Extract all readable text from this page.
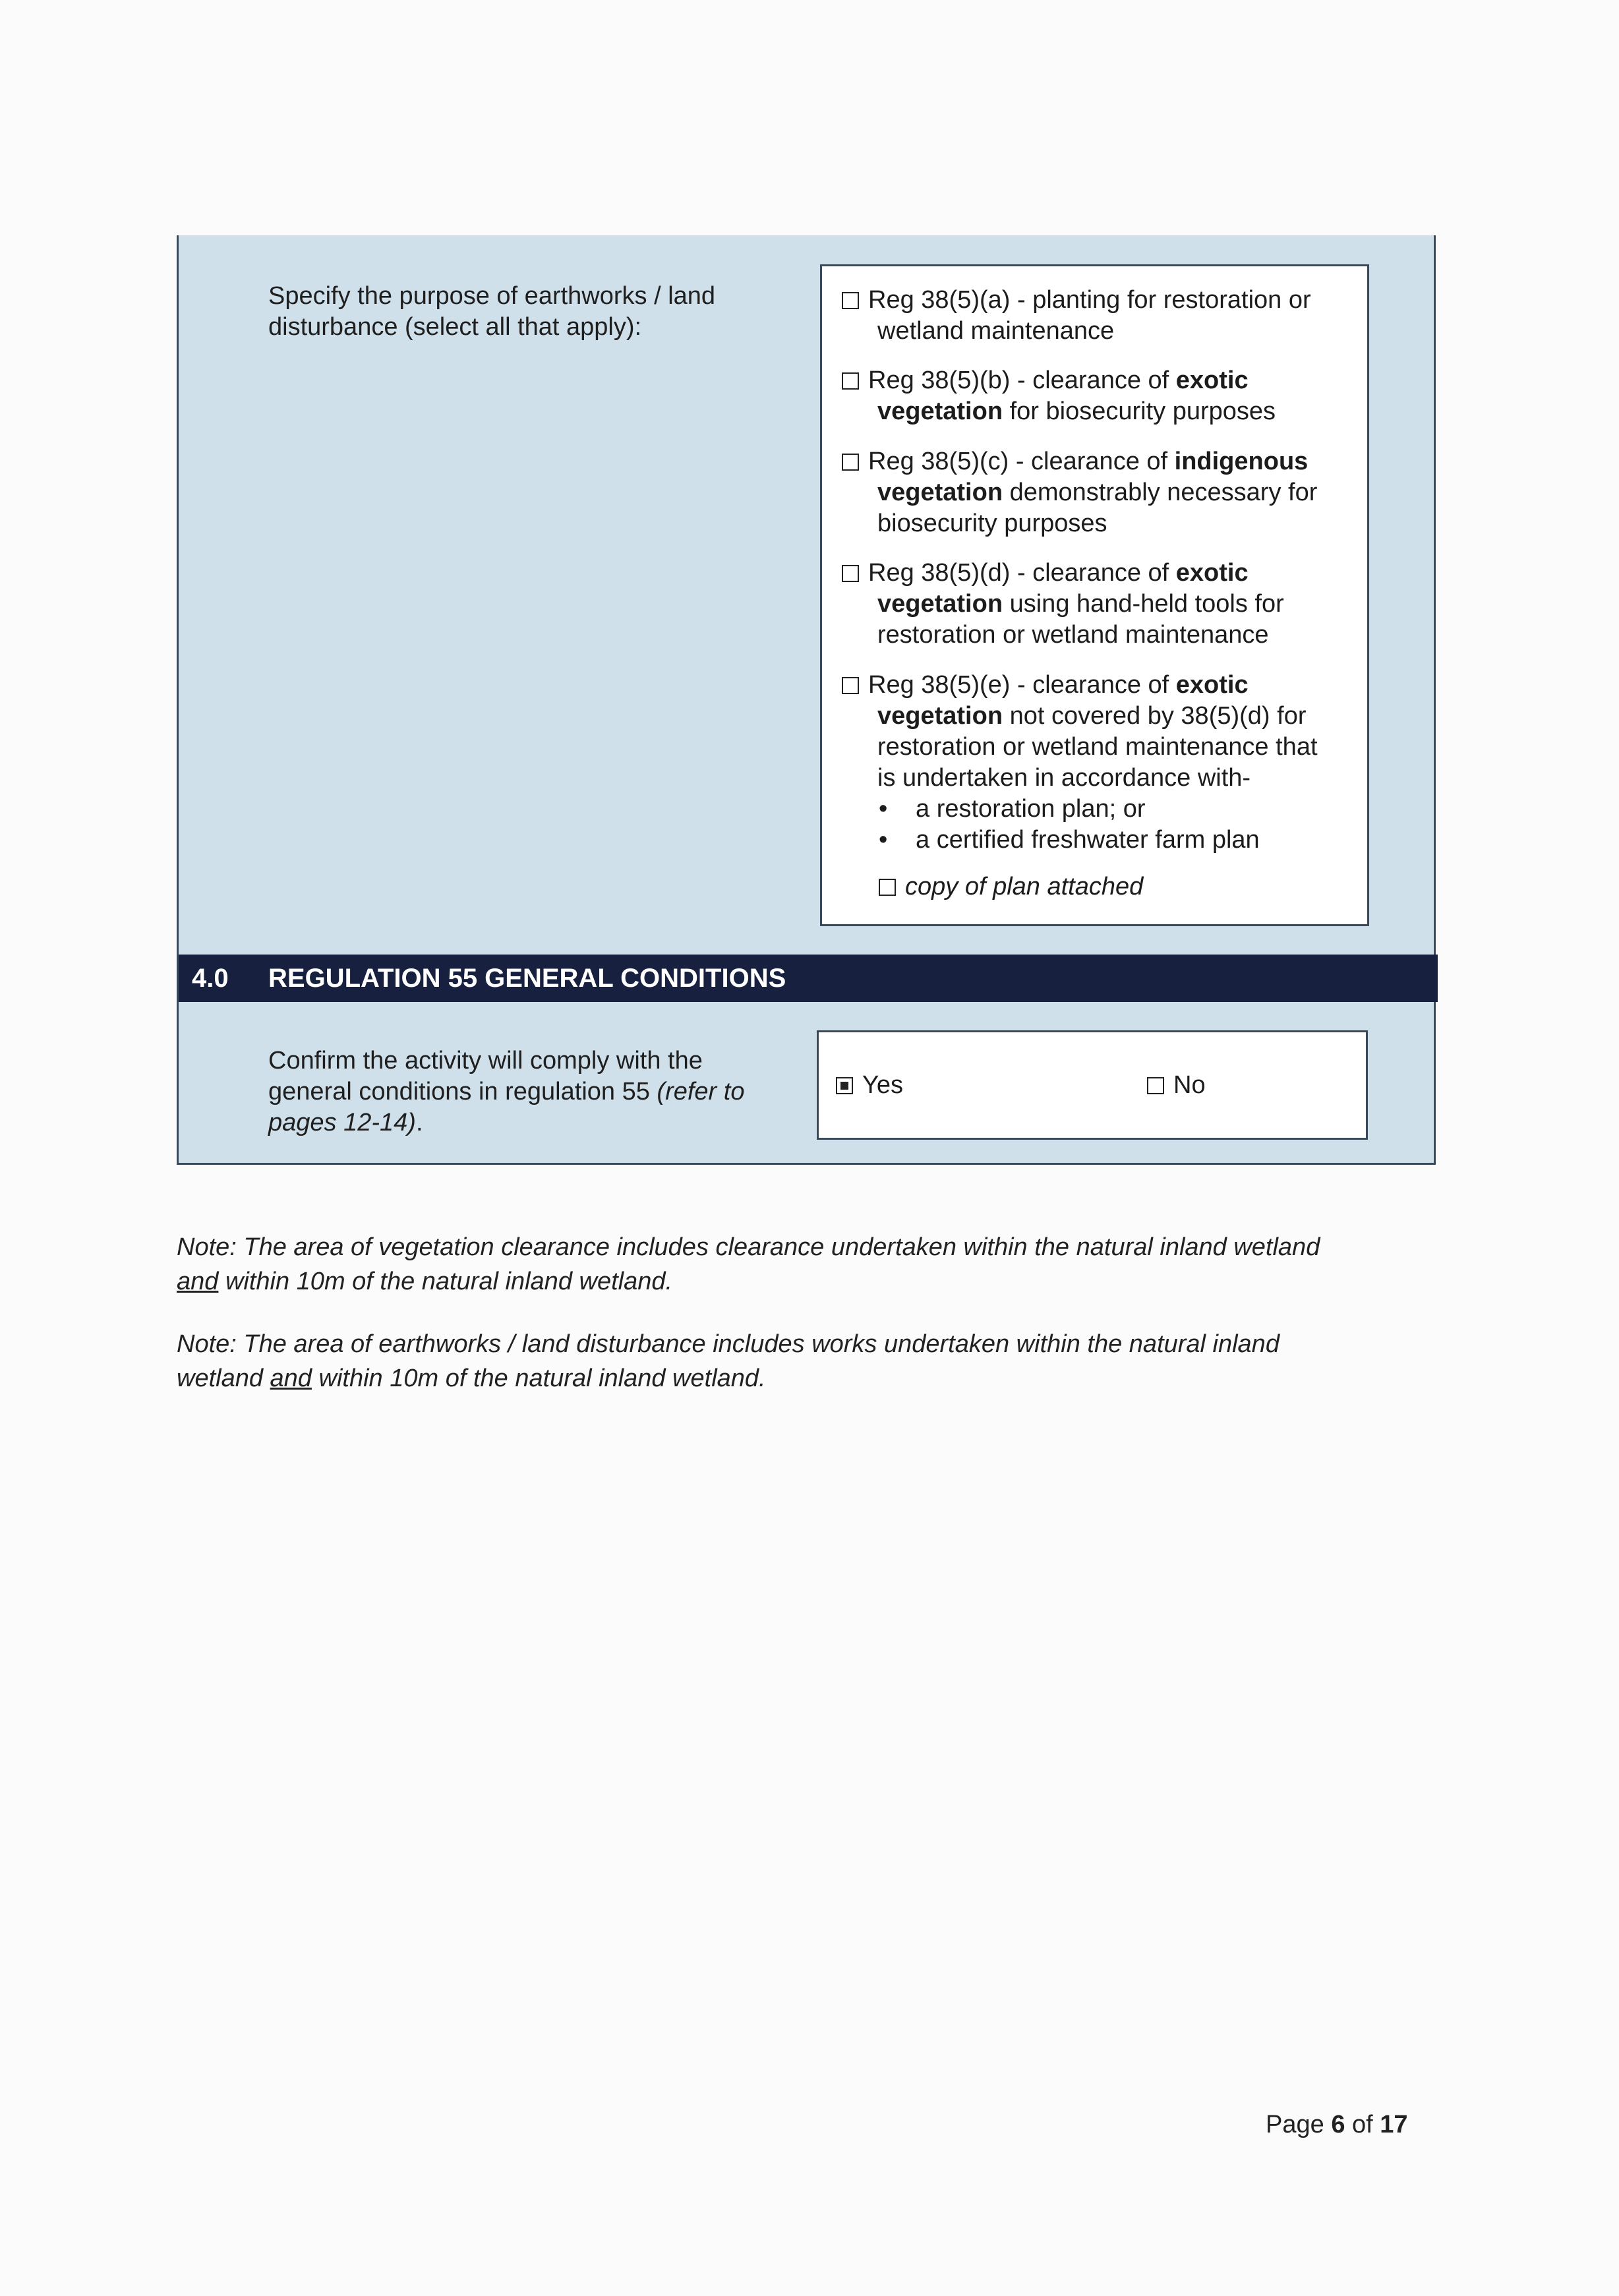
Specify the purpose of earthworks / land
disturbance (select all that apply):
Reg 38(5)(a) - planting for restoration or
wetland maintenance
Reg 38(5)(b) - clearance of exotic
vegetation for biosecurity purposes
Reg 38(5)(c) - clearance of indigenous
vegetation demonstrably necessary for
biosecurity purposes
Reg 38(5)(d) - clearance of exotic
vegetation using hand-held tools for
restoration or wetland maintenance
Reg 38(5)(e) - clearance of exotic
vegetation not covered by 38(5)(d) for
restoration or wetland maintenance that
is undertaken in accordance with-
• a restoration plan; or
• a certified freshwater farm plan
copy of plan attached
4.0 REGULATION 55 GENERAL CONDITIONS
Confirm the activity will comply with the
general conditions in regulation 55 (refer to
pages 12-14).
Yes	No
Note: The area of vegetation clearance includes clearance undertaken within the natural inland wetland
and within 10m of the natural inland wetland.
Note: The area of earthworks / land disturbance includes works undertaken within the natural inland
wetland and within 10m of the natural inland wetland.
Page 6 of 17
